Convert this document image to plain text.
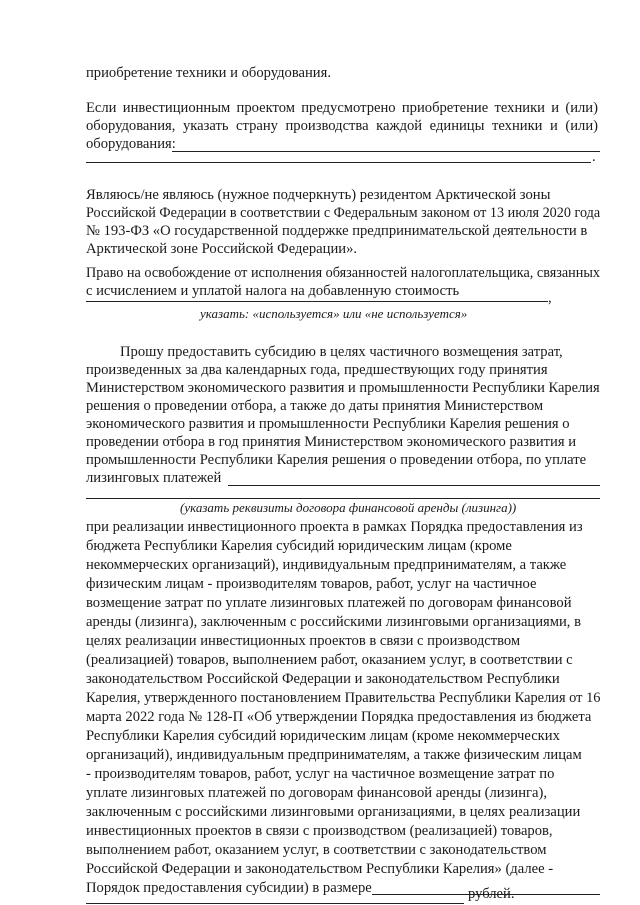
приобретение техники и оборудования.
Если инвестиционным проектом предусмотрено приобретение техники и (или)
оборудования, указать страну производства каждой единицы техники и (или)
оборудования:
.
Являюсь/не являюсь (нужное подчеркнуть) резидентом Арктической зоны
Российской Федерации в соответствии с Федеральным законом от 13 июля 2020 года
№ 193-ФЗ «О государственной поддержке предпринимательской деятельности в
Арктической зоне Российской Федерации».
Право на освобождение от исполнения обязанностей налогоплательщика, связанных
с исчислением и уплатой налога на добавленную стоимость	,
указать: «используется» или «не используется»
Прошу предоставить субсидию в целях частичного возмещения затрат,
произведенных за два календарных года, предшествующих году принятия
Министерством экономического развития и промышленности Республики Карелия
решения о проведении отбора, а также до даты принятия Министерством
экономического развития и промышленности Республики Карелия решения о
проведении отбора в год принятия Министерством экономического развития и
промышленности Республики Карелия решения о проведении отбора, по уплате
лизинговых платежей
(указать реквизиты договора финансовой аренды (лизинга))
при реализации инвестиционного проекта в рамках Порядка предоставления из
бюджета Республики Карелия субсидий юридическим лицам (кроме
некоммерческих организаций), индивидуальным предпринимателям, а также
физическим лицам - производителям товаров, работ, услуг на частичное
возмещение затрат по уплате лизинговых платежей по договорам финансовой
аренды (лизинга), заключенным с российскими лизинговыми организациями, в
целях реализации инвестиционных проектов в связи с производством
(реализацией) товаров, выполнением работ, оказанием услуг, в соответствии с
законодательством Российской Федерации и законодательством Республики
Карелия, утвержденного постановлением Правительства Республики Карелия от 16
марта 2022 года № 128-П «Об утверждении Порядка предоставления из бюджета
Республики Карелия субсидий юридическим лицам (кроме некоммерческих
организаций), индивидуальным предпринимателям, а также физическим лицам
- производителям товаров, работ, услуг на частичное возмещение затрат по
уплате лизинговых платежей по договорам финансовой аренды (лизинга),
заключенным с российскими лизинговыми организациями, в целях реализации
инвестиционных проектов в связи с производством (реализацией) товаров,
выполнением работ, оказанием услуг, в соответствии с законодательством
Российской Федерации и законодательством Республики Карелия» (далее -
Порядок предоставления субсидии) в размере	рублей.
